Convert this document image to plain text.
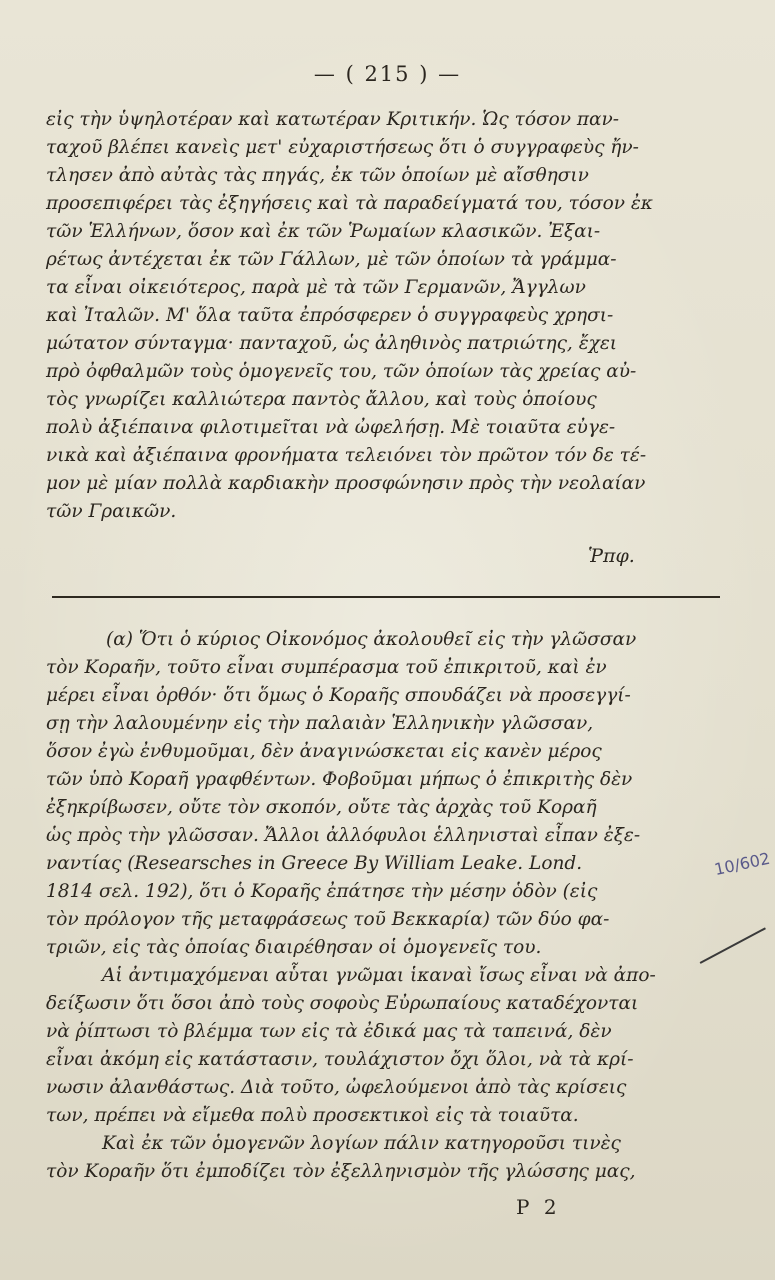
— ( 215 ) —
εἰς τὴν ὑψηλοτέραν καὶ κατωτέραν Κριτικήν. Ὡς τόσον παν-
ταχοῦ βλέπει κανεὶς μετ' εὐχαριστήσεως ὅτι ὁ συγγραφεὺς ἤν-
τλησεν ἀπὸ αὐτὰς τὰς πηγάς, ἐκ τῶν ὁποίων μὲ αἴσθησιν
προσεπιφέρει τὰς ἐξηγήσεις καὶ τὰ παραδείγματά του, τόσον ἐκ
τῶν Ἑλλήνων, ὅσον καὶ ἐκ τῶν Ῥωμαίων κλασικῶν. Ἐξαι-
ρέτως ἀντέχεται ἐκ τῶν Γάλλων, μὲ τῶν ὁποίων τὰ γράμμα-
τα εἶναι οἰκειότερος, παρὰ μὲ τὰ τῶν Γερμανῶν, Ἄγγλων
καὶ Ἰταλῶν. Μ' ὅλα ταῦτα ἐπρόσφερεν ὁ συγγραφεὺς χρησι-
μώτατον σύνταγμα· πανταχοῦ, ὡς ἀληθινὸς πατριώτης, ἔχει
πρὸ ὀφθαλμῶν τοὺς ὁμογενεῖς του, τῶν ὁποίων τὰς χρείας αὐ-
τὸς γνωρίζει καλλιώτερα παντὸς ἄλλου, καὶ τοὺς ὁποίους
πολὺ ἀξιέπαινα φιλοτιμεῖται νὰ ὠφελήσῃ. Μὲ τοιαῦτα εὐγε-
νικὰ καὶ ἀξιέπαινα φρονήματα τελειόνει τὸν πρῶτον τόν δε τέ-
μον μὲ μίαν πολλὰ καρδιακὴν προσφώνησιν πρὸς τὴν νεολαίαν
τῶν Γραικῶν.
Ῥπφ.
(α) Ὅτι ὁ κύριος Οἰκονόμος ἀκολουθεῖ εἰς τὴν γλῶσσαν
τὸν Κοραῆν, τοῦτο εἶναι συμπέρασμα τοῦ ἐπικριτοῦ, καὶ ἐν
μέρει εἶναι ὀρθόν· ὅτι ὅμως ὁ Κοραῆς σπουδάζει νὰ προσεγγί-
σῃ τὴν λαλουμένην εἰς τὴν παλαιὰν Ἑλληνικὴν γλῶσσαν,
ὅσον ἐγὼ ἐνθυμοῦμαι, δὲν ἀναγινώσκεται εἰς κανὲν μέρος
τῶν ὑπὸ Κοραῆ γραφθέντων. Φοβοῦμαι μήπως ὁ ἐπικριτὴς δὲν
ἐξηκρίβωσεν, οὔτε τὸν σκοπόν, οὔτε τὰς ἀρχὰς τοῦ Κοραῆ
ὡς πρὸς τὴν γλῶσσαν. Ἄλλοι ἀλλόφυλοι ἑλληνισταὶ εἶπαν ἐξε-
ναντίας (Researsches in Greece By William Leake. Lond.
1814 σελ. 192), ὅτι ὁ Κοραῆς ἐπάτησε τὴν μέσην ὁδὸν (εἰς
τὸν πρόλογον τῆς μεταφράσεως τοῦ Βεκκαρία) τῶν δύο φα-
τριῶν, εἰς τὰς ὁποίας διαιρέθησαν οἱ ὁμογενεῖς του.
Αἱ ἀντιμαχόμεναι αὗται γνῶμαι ἱκαναὶ ἴσως εἶναι νὰ ἀπο-
δείξωσιν ὅτι ὅσοι ἀπὸ τοὺς σοφοὺς Εὐρωπαίους καταδέχονται
νὰ ῥίπτωσι τὸ βλέμμα των εἰς τὰ ἐδικά μας τὰ ταπεινά, δὲν
εἶναι ἀκόμη εἰς κατάστασιν, τουλάχιστον ὄχι ὅλοι, νὰ τὰ κρί-
νωσιν ἀλανθάστως. Διὰ τοῦτο, ὠφελούμενοι ἀπὸ τὰς κρίσεις
των, πρέπει νὰ εἴμεθα πολὺ προσεκτικοὶ εἰς τὰ τοιαῦτα.
Καὶ ἐκ τῶν ὁμογενῶν λογίων πάλιν κατηγοροῦσι τινὲς
τὸν Κοραῆν ὅτι ἐμποδίζει τὸν ἐξελληνισμὸν τῆς γλώσσης μας,
P 2
10/602
